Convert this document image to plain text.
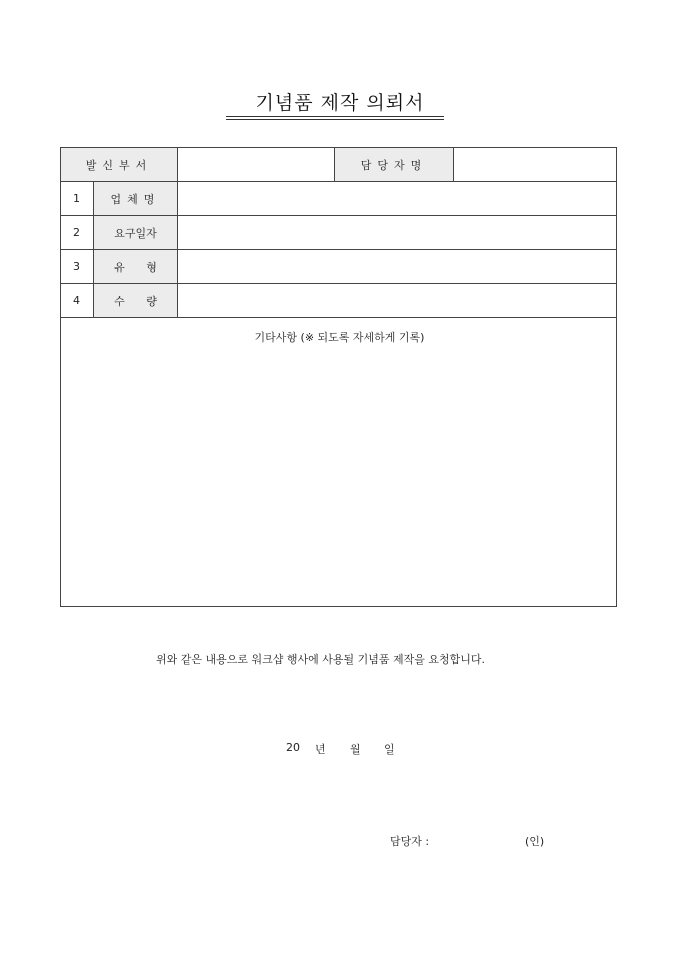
기념품 제작 의뢰서
발신부서	담당자명
1	업체명
2	요구일자
3	유 형
4	수 량
기타사항 (※ 되도록 자세하게 기록)
위와 같은 내용으로 워크샵 행사에 사용될 기념품 제작을 요청합니다.
20 년 월 일
담당자 :	(인)
